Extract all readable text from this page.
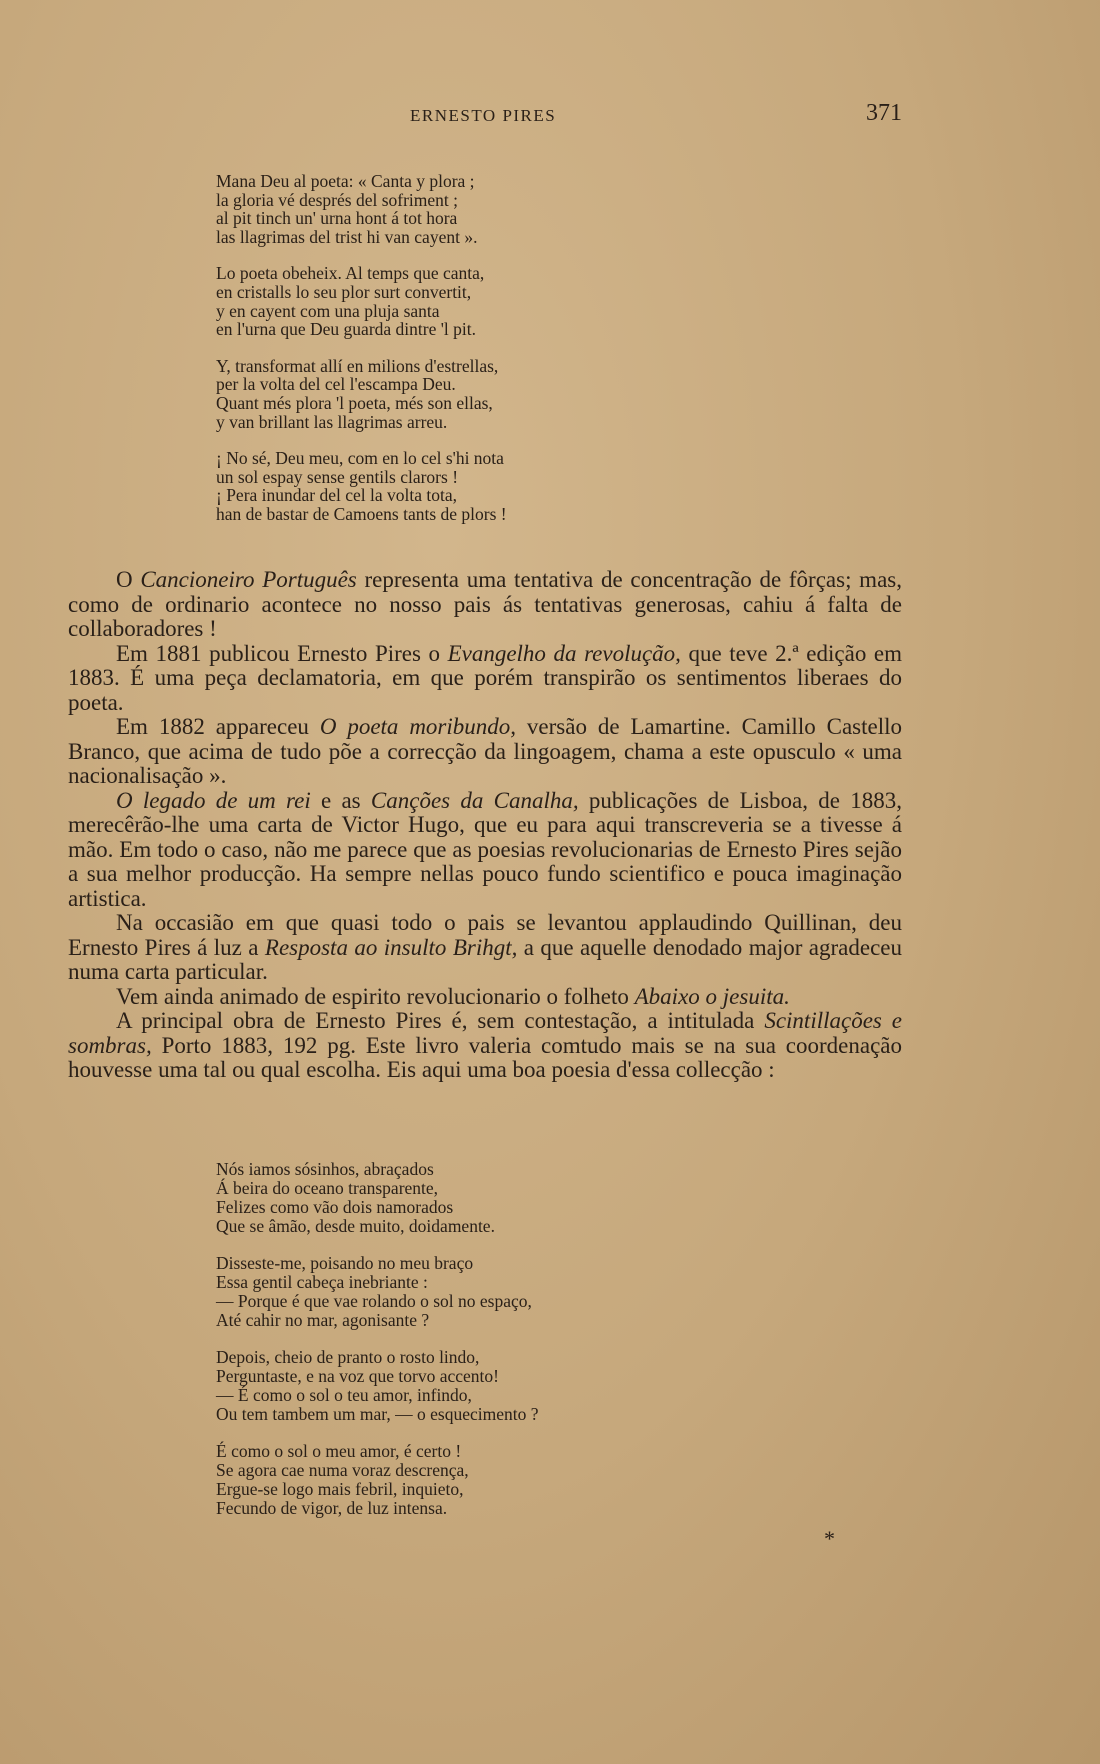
ERNESTO PIRES	371
Mana Deu al poeta: « Canta y plora ;
la gloria vé després del sofriment ;
al pit tinch un' urna hont á tot hora
las llagrimas del trist hi van cayent ».
Lo poeta obeheix. Al temps que canta,
en cristalls lo seu plor surt convertit,
y en cayent com una pluja santa
en l'urna que Deu guarda dintre 'l pit.
Y, transformat allí en milions d'estrellas,
per la volta del cel l'escampa Deu.
Quant més plora 'l poeta, més son ellas,
y van brillant las llagrimas arreu.
¡ No sé, Deu meu, com en lo cel s'hi nota
un sol espay sense gentils clarors !
¡ Pera inundar del cel la volta tota,
han de bastar de Camoens tants de plors !

O Cancioneiro Português representa uma tentativa de concentração de fôrças; mas, como de ordinario acontece no nosso pais ás tentativas generosas, cahiu á falta de collaboradores !

Em 1881 publicou Ernesto Pires o Evangelho da revolução, que teve 2.ª edição em 1883. É uma peça declamatoria, em que porém transpirão os sentimentos liberaes do poeta.

Em 1882 appareceu O poeta moribundo, versão de Lamartine. Camillo Castello Branco, que acima de tudo põe a correcção da lingoagem, chama a este opusculo « uma nacionalisação ».

O legado de um rei e as Canções da Canalha, publicações de Lisboa, de 1883, merecêrão-lhe uma carta de Victor Hugo, que eu para aqui transcreveria se a tivesse á mão. Em todo o caso, não me parece que as poesias revolucionarias de Ernesto Pires sejão a sua melhor producção. Ha sempre nellas pouco fundo scientifico e pouca imaginação artistica.

Na occasião em que quasi todo o pais se levantou applaudindo Quillinan, deu Ernesto Pires á luz a Resposta ao insulto Brihgt, a que aquelle denodado major agradeceu numa carta particular.

Vem ainda animado de espirito revolucionario o folheto Abaixo o jesuita.

A principal obra de Ernesto Pires é, sem contestação, a intitulada Scintillações e sombras, Porto 1883, 192 pg. Este livro valeria comtudo mais se na sua coordenação houvesse uma tal ou qual escolha. Eis aqui uma boa poesia d'essa collecção :

Nós iamos sósinhos, abraçados
Á beira do oceano transparente,
Felizes como vão dois namorados
Que se âmão, desde muito, doidamente.
Disseste-me, poisando no meu braço
Essa gentil cabeça inebriante :
— Porque é que vae rolando o sol no espaço,
Até cahir no mar, agonisante ?
Depois, cheio de pranto o rosto lindo,
Perguntaste, e na voz que torvo accento!
— É como o sol o teu amor, infindo,
Ou tem tambem um mar, — o esquecimento ?
É como o sol o meu amor, é certo !
Se agora cae numa voraz descrença,
Ergue-se logo mais febril, inquieto,
Fecundo de vigor, de luz intensa.
*
